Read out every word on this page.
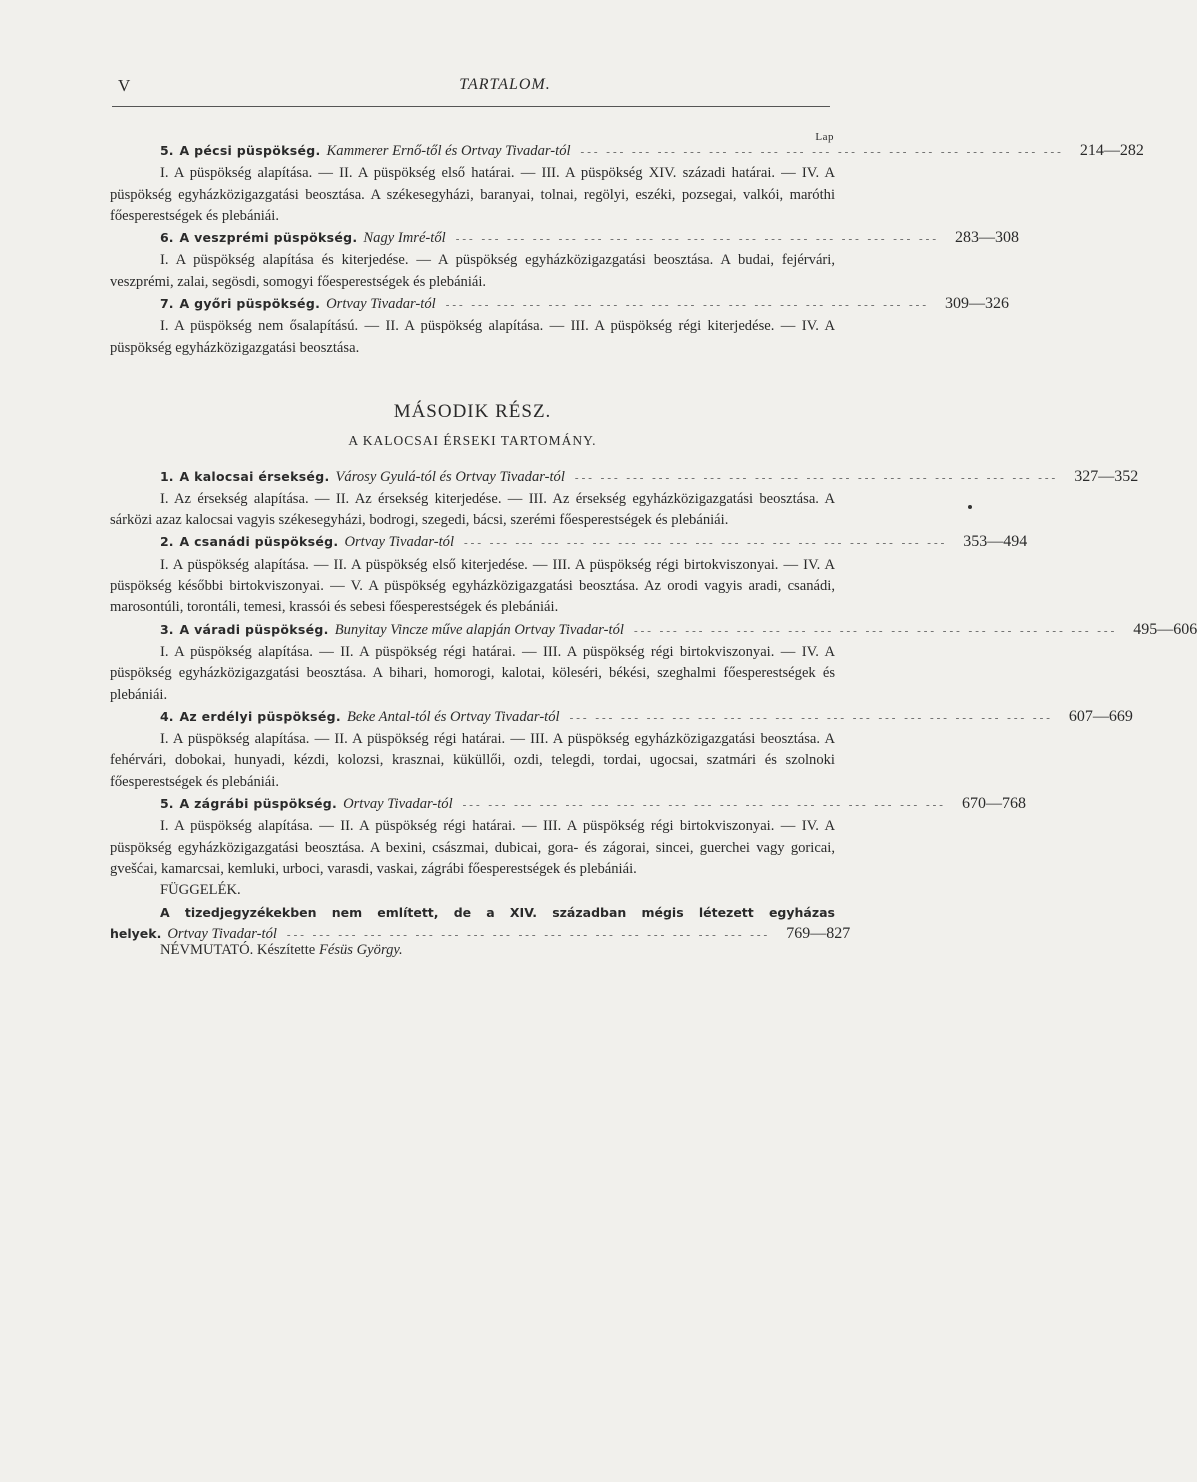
V	TARTALOM.
Lap
5. A pécsi püspökség. Kammerer Ernő-től és Ortvay Tivadar-tól --- --- --- --- --- --- --- --- --- --- --- --- --- --- --- --- --- --- ---	214—282
I. A püspökség alapítása. — II. A püspökség első határai. — III. A püspökség XIV. századi határai. — IV. A püspökség egyházközigazgatási beosztása. A székesegyházi, baranyai, tolnai, regölyi, eszéki, pozsegai, valkói, maróthi főesperestségek és plebániái.
6. A veszprémi püspökség. Nagy Imré-től --- --- --- --- --- --- --- --- --- --- --- --- --- --- --- --- --- --- ---	283—308
I. A püspökség alapítása és kiterjedése. — A püspökség egyházközigazgatási beosztása. A budai, fejérvári, veszprémi, zalai, segösdi, somogyi főesperestségek és plebániái.
7. A győri püspökség. Ortvay Tivadar-tól --- --- --- --- --- --- --- --- --- --- --- --- --- --- --- --- --- --- ---	309—326
I. A püspökség nem ősalapítású. — II. A püspökség alapítása. — III. A püspökség régi kiterjedése. — IV. A püspökség egyházközigazgatási beosztása.
MÁSODIK RÉSZ.
A KALOCSAI ÉRSEKI TARTOMÁNY.
1. A kalocsai érsekség. Városy Gyulá-tól és Ortvay Tivadar-tól --- --- --- --- --- --- --- --- --- --- --- --- --- --- --- --- --- --- ---	327—352
I. Az érsekség alapítása. — II. Az érsekség kiterjedése. — III. Az érsekség egyházközigazgatási beosztása. A sárközi azaz kalocsai vagyis székesegyházi, bodrogi, szegedi, bácsi, szerémi főesperestségek és plebániái.
2. A csanádi püspökség. Ortvay Tivadar-tól --- --- --- --- --- --- --- --- --- --- --- --- --- --- --- --- --- --- ---	353—494
I. A püspökség alapítása. — II. A püspökség első kiterjedése. — III. A püspökség régi birtokviszonyai. — IV. A püspökség későbbi birtokviszonyai. — V. A püspökség egyházközigazgatási beosztása. Az orodi vagyis aradi, csanádi, marosontúli, torontáli, temesi, krassói és sebesi főesperestségek és plebániái.
3. A váradi püspökség. Bunyitay Vincze műve alapján Ortvay Tivadar-tól --- --- --- --- --- --- --- --- --- --- --- --- --- --- --- --- --- --- ---	495—606
I. A püspökség alapítása. — II. A püspökség régi határai. — III. A püspökség régi birtokviszonyai. — IV. A püspökség egyházközigazgatási beosztása. A bihari, homorogi, kalotai, köleséri, békési, szeghalmi főesperestségek és plebániái.
4. Az erdélyi püspökség. Beke Antal-tól és Ortvay Tivadar-tól --- --- --- --- --- --- --- --- --- --- --- --- --- --- --- --- --- --- ---	607—669
I. A püspökség alapítása. — II. A püspökség régi határai. — III. A püspökség egyházközigazgatási beosztása. A fehérvári, dobokai, hunyadi, kézdi, kolozsi, krasznai, küküllői, ozdi, telegdi, tordai, ugocsai, szatmári és szolnoki főesperestségek és plebániái.
5. A zágrábi püspökség. Ortvay Tivadar-tól --- --- --- --- --- --- --- --- --- --- --- --- --- --- --- --- --- --- ---	670—768
I. A püspökség alapítása. — II. A püspökség régi határai. — III. A püspökség régi birtokviszonyai. — IV. A püspökség egyházközigazgatási beosztása. A bexini, császmai, dubicai, gora- és zágorai, sincei, guerchei vagy goricai, gvešćai, kamarcsai, kemluki, urboci, varasdi, vaskai, zágrábi főesperestségek és plebániái.
FÜGGELÉK.
A tizedjegyzékekben nem említett, de a XIV. században mégis létezett egyházas
helyek. Ortvay Tivadar-tól --- --- --- --- --- --- --- --- --- --- --- --- --- --- --- --- --- --- ---	769—827
NÉVMUTATÓ. Készítette Fésüs György.
